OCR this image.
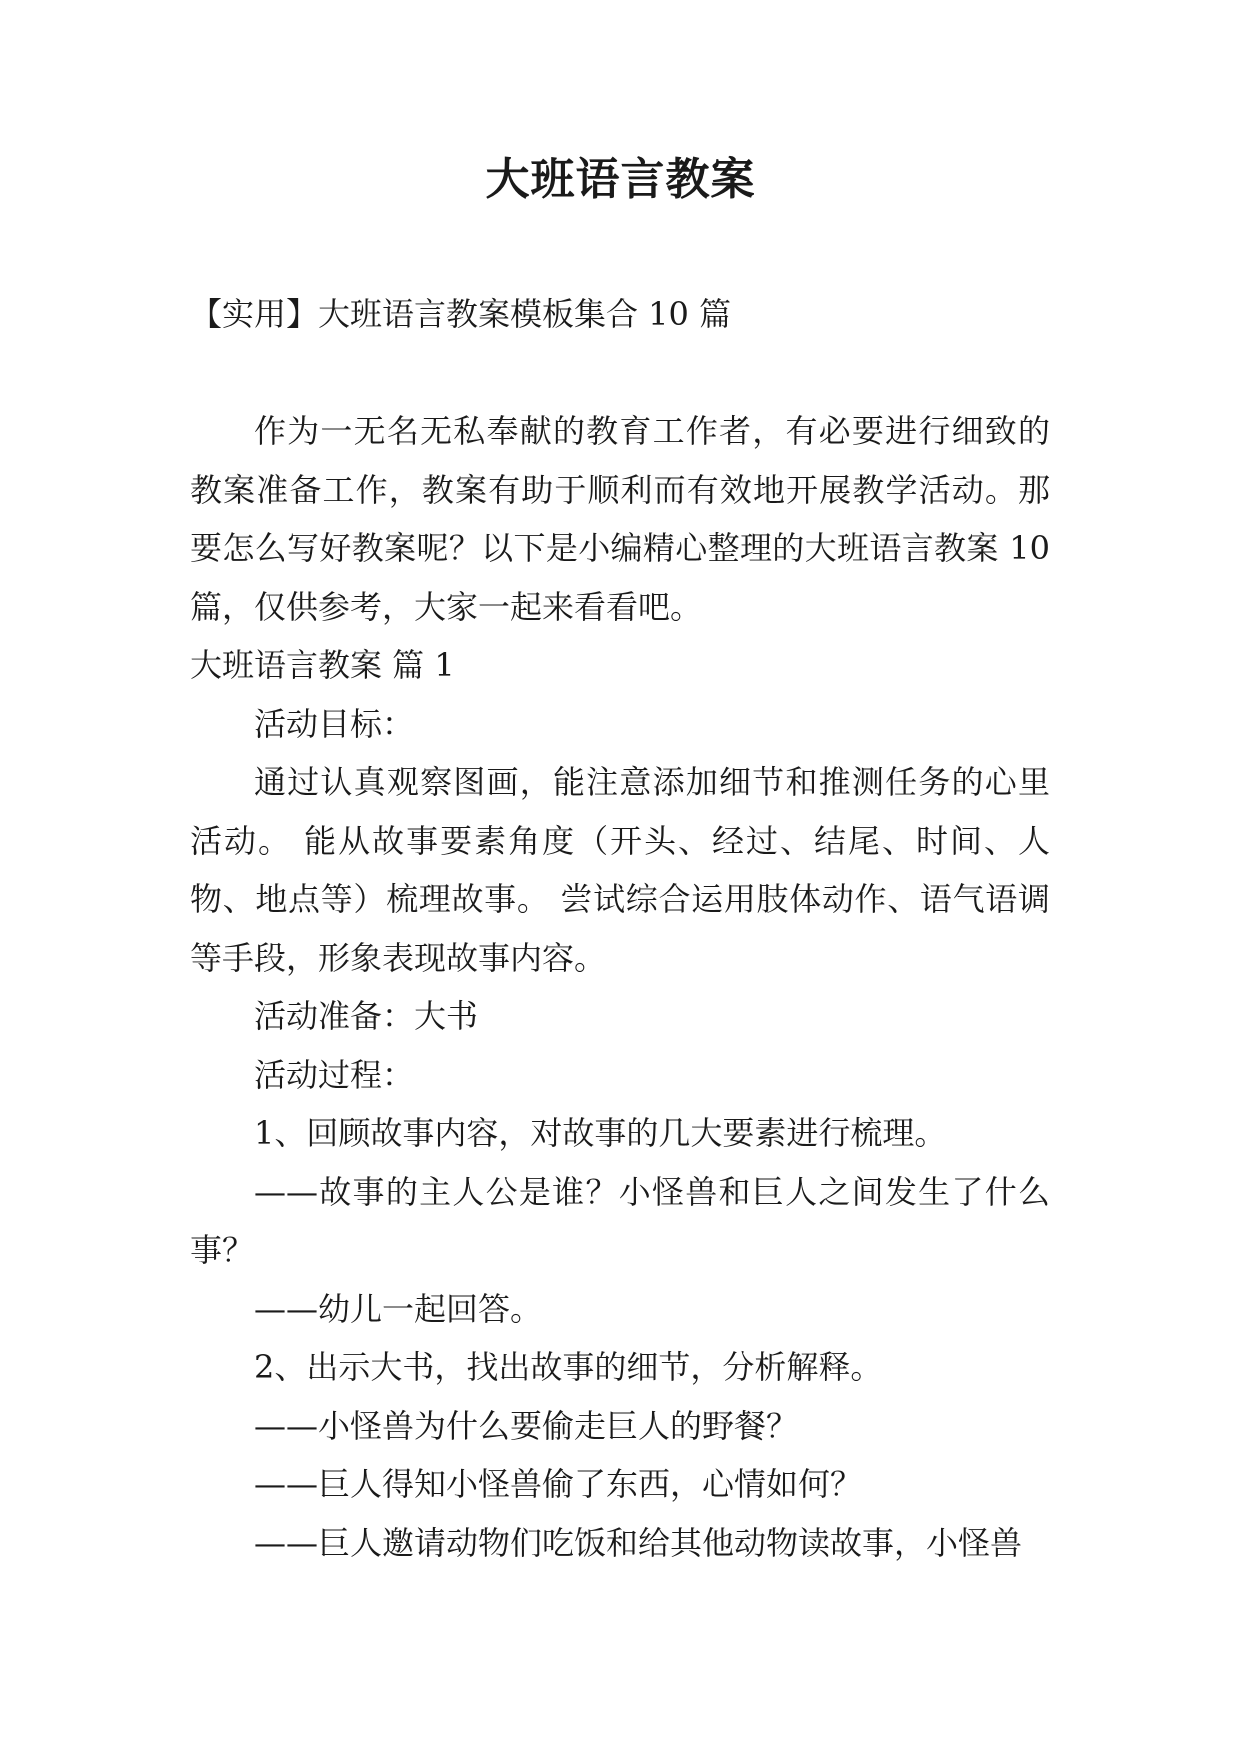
大班语言教案
【实用】大班语言教案模板集合 10 篇

作为一无名无私奉献的教育工作者，有必要进行细致的教案准备工作，教案有助于顺利而有效地开展教学活动。那要怎么写好教案呢？以下是小编精心整理的大班语言教案 10 篇，仅供参考，大家一起来看看吧。

大班语言教案 篇 1

活动目标：

通过认真观察图画，能注意添加细节和推测任务的心里活动。 能从故事要素角度（开头、经过、结尾、时间、人物、地点等）梳理故事。 尝试综合运用肢体动作、语气语调等手段，形象表现故事内容。

活动准备：大书

活动过程：

1、回顾故事内容，对故事的几大要素进行梳理。

——故事的主人公是谁？小怪兽和巨人之间发生了什么事？

——幼儿一起回答。

2、出示大书，找出故事的细节，分析解释。

——小怪兽为什么要偷走巨人的野餐？

——巨人得知小怪兽偷了东西，心情如何？

——巨人邀请动物们吃饭和给其他动物读故事，小怪兽
